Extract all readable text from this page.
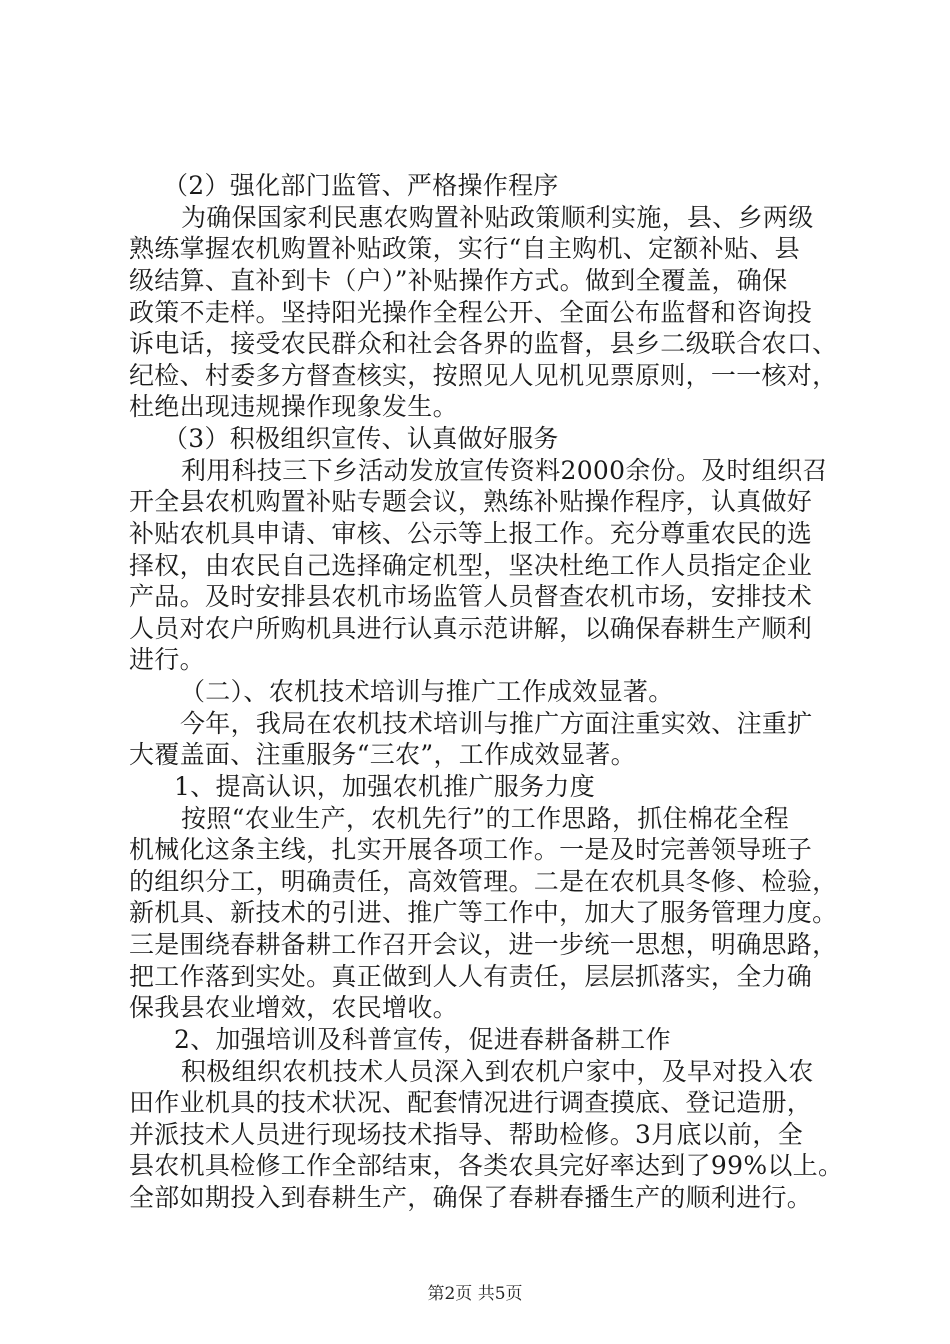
（2）强化部门监管、严格操作程序
为确保国家利民惠农购置补贴政策顺利实施，县、乡两级
熟练掌握农机购置补贴政策，实行“自主购机、定额补贴、县
级结算、直补到卡（户）”补贴操作方式。做到全覆盖，确保
政策不走样。坚持阳光操作全程公开、全面公布监督和咨询投
诉电话，接受农民群众和社会各界的监督，县乡二级联合农口、
纪检、村委多方督查核实，按照见人见机见票原则，一一核对，
杜绝出现违规操作现象发生。
（3）积极组织宣传、认真做好服务
利用科技三下乡活动发放宣传资料2000余份。及时组织召
开全县农机购置补贴专题会议，熟练补贴操作程序，认真做好
补贴农机具申请、审核、公示等上报工作。充分尊重农民的选
择权，由农民自己选择确定机型，坚决杜绝工作人员指定企业
产品。及时安排县农机市场监管人员督查农机市场，安排技术
人员对农户所购机具进行认真示范讲解，以确保春耕生产顺利
进行。
（二）、农机技术培训与推广工作成效显著。
今年，我局在农机技术培训与推广方面注重实效、注重扩
大覆盖面、注重服务“三农”，工作成效显著。
1、提高认识，加强农机推广服务力度
按照“农业生产，农机先行”的工作思路，抓住棉花全程
机械化这条主线，扎实开展各项工作。一是及时完善领导班子
的组织分工，明确责任，高效管理。二是在农机具冬修、检验，
新机具、新技术的引进、推广等工作中，加大了服务管理力度。
三是围绕春耕备耕工作召开会议，进一步统一思想，明确思路，
把工作落到实处。真正做到人人有责任，层层抓落实，全力确
保我县农业增效，农民增收。
2、加强培训及科普宣传，促进春耕备耕工作
积极组织农机技术人员深入到农机户家中，及早对投入农
田作业机具的技术状况、配套情况进行调查摸底、登记造册，
并派技术人员进行现场技术指导、帮助检修。3月底以前，全
县农机具检修工作全部结束，各类农具完好率达到了99%以上。
全部如期投入到春耕生产，确保了春耕春播生产的顺利进行。
第2页 共5页
